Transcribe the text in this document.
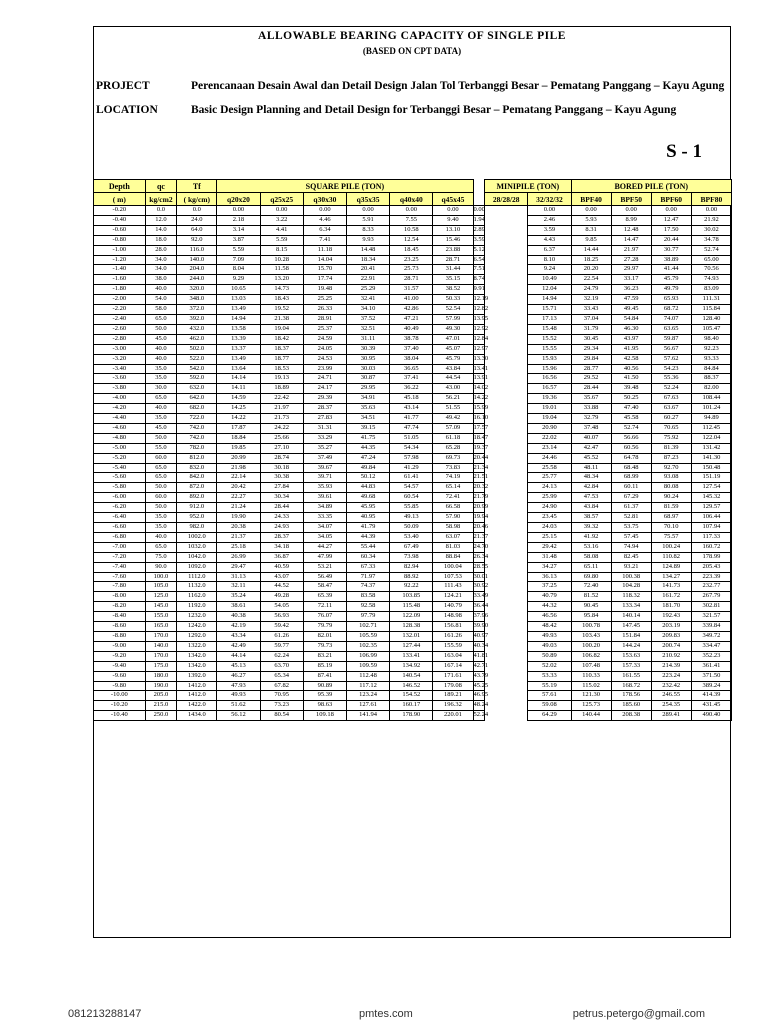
ALLOWABLE BEARING CAPACITY OF SINGLE PILE
(BASED ON CPT DATA)
PROJECT	Perencanaan Desain Awal dan Detail Design Jalan Tol Terbanggi Besar – Pematang Panggang – Kayu Agung
LOCATION	Basic Design Planning and Detail Design for Terbanggi Besar – Pematang Panggang – Kayu Agung
S - 1
Depth	qc	Tf	SQUARE PILE (TON)							MINIPILE (TON)		BORED PILE (TON)			
( m)	kg/cm2	( kg/cm)	q20x20	q25x25	q30x30	q35x35	q40x40	q45x45		28/28/28	32/32/32	BPF40	BPF50	BPF60	BPF80
-0.20	0.0	0.0	0.00	0.00	0.00	0.00	0.00	0.00	0.00		0.00	0.00	0.00	0.00	0.00
-0.40	12.0	24.0	2.18	3.22	4.46	5.91	7.55	9.40	1.94		2.46	5.93	8.99	12.47	21.92
-0.60	14.0	64.0	3.14	4.41	6.34	8.33	10.58	13.10	2.89		3.59	8.31	12.48	17.50	30.02
-0.80	18.0	92.0	3.87	5.59	7.41	9.93	12.54	15.46	3.59		4.43	9.85	14.47	20.44	34.78
-1.00	28.0	116.0	5.59	8.15	11.18	14.48	18.45	23.88	5.12		6.37	14.44	21.97	30.77	52.74
-1.20	34.0	140.0	7.09	10.28	14.04	18.34	23.25	28.71	6.54		8.10	18.25	27.28	38.89	65.00
-1.40	34.0	204.0	8.04	11.58	15.70	20.41	25.73	31.44	7.51		9.24	20.20	29.97	41.44	70.56
-1.60	38.0	244.0	9.29	13.20	17.74	22.91	28.71	35.15	8.74		10.49	22.54	33.17	45.79	74.93
-1.80	40.0	320.0	10.65	14.73	19.48	25.29	31.57	38.52	9.91		12.04	24.79	36.23	49.79	83.09
-2.00	54.0	348.0	13.03	18.43	25.25	32.41	41.00	50.33	12.19		14.94	32.19	47.59	65.93	111.31
-2.20	58.0	372.0	13.49	19.52	26.33	34.10	42.86	52.54	12.82		15.71	33.43	49.45	68.72	115.84
-2.40	65.0	392.0	14.94	21.38	28.91	37.52	47.21	57.99	13.95		17.13	37.04	54.84	74.07	128.40
-2.60	50.0	432.0	13.58	19.04	25.37	32.51	40.49	49.30	12.92		15.48	31.79	46.30	63.65	105.47
-2.80	45.0	462.0	13.39	18.42	24.59	31.11	38.78	47.01	12.84		15.52	30.45	43.97	59.87	98.40
-3.00	40.0	502.0	13.37	18.37	24.05	30.39	37.40	45.07	12.97		15.55	29.34	41.95	56.67	92.23
-3.20	40.0	522.0	13.49	18.77	24.53	30.95	38.04	45.79	13.30		15.93	29.84	42.58	57.62	93.33
-3.40	35.0	542.0	13.64	18.53	23.99	30.03	36.65	43.84	13.41		15.96	28.77	40.56	54.23	84.84
-3.60	35.0	592.0	14.14	19.13	24.71	30.87	37.41	44.54	13.91		16.56	29.52	41.50	55.36	88.37
-3.80	30.0	632.0	14.11	18.89	24.17	29.95	36.22	43.00	14.02		16.57	28.44	39.48	52.24	82.00
-4.00	65.0	642.0	14.59	22.42	29.39	34.91	45.18	56.21	14.22		19.36	35.67	50.25	67.63	108.44
-4.20	40.0	682.0	14.25	21.97	28.37	35.63	43.14	51.55	15.99		19.01	33.88	47.40	63.67	101.24
-4.40	35.0	722.0	14.22	21.73	27.83	34.51	41.77	49.42	16.10		19.04	32.79	45.58	60.27	94.89
-4.60	45.0	742.0	17.87	24.22	31.31	39.15	47.74	57.09	17.57		20.90	37.48	52.74	70.65	112.45
-4.80	50.0	742.0	18.84	25.66	33.29	41.75	51.05	61.18	18.47		22.02	40.07	56.66	75.92	122.04
-5.00	55.0	782.0	19.85	27.10	35.27	44.35	54.34	65.28	19.37		23.14	42.47	60.56	81.39	131.42
-5.20	60.0	812.0	20.99	28.74	37.49	47.24	57.98	69.73	20.44		24.46	45.52	64.78	87.23	141.30
-5.40	65.0	832.0	21.98	30.18	39.67	49.84	41.29	73.83	21.34		25.58	48.11	68.48	92.70	150.48
-5.60	65.0	842.0	22.14	30.38	39.71	50.12	61.41	74.19	21.51		25.77	48.34	68.99	93.08	151.19
-5.80	50.0	872.0	20.42	27.84	35.93	44.83	54.57	65.14	20.32		24.13	42.84	60.11	80.08	127.54
-6.00	60.0	892.0	22.27	30.34	39.61	49.68	60.54	72.41	21.79		25.99	47.53	67.29	90.24	145.32
-6.20	50.0	912.0	21.24	28.44	34.89	45.95	55.85	66.58	20.99		24.90	43.84	61.37	81.59	129.57
-6.40	35.0	952.0	19.90	24.33	33.35	40.95	49.13	57.90	19.94		23.45	38.57	52.81	68.97	106.44
-6.60	35.0	982.0	20.38	24.93	34.07	41.79	50.09	58.98	20.46		24.03	39.32	53.75	70.10	107.94
-6.80	40.0	1002.0	21.37	28.37	34.05	44.39	53.40	63.07	21.37		25.15	41.92	57.45	75.57	117.33
-7.00	65.0	1032.0	25.18	34.18	44.27	55.44	67.49	81.03	24.70		29.42	53.16	74.94	100.24	160.72
-7.20	75.0	1042.0	26.99	36.87	47.99	60.34	73.98	88.84	26.34		31.48	58.08	82.45	110.82	178.99
-7.40	90.0	1092.0	29.47	40.59	53.21	67.33	82.94	100.04	28.55		34.27	65.11	93.21	124.89	205.43
-7.60	100.0	1112.0	31.13	43.07	56.49	71.97	88.92	107.53	30.01		36.13	69.80	100.38	134.27	223.39
-7.80	105.0	1132.0	32.11	44.52	58.47	74.37	92.22	111.43	30.92		37.25	72.40	104.28	141.73	232.77
-8.00	125.0	1162.0	35.24	49.28	65.39	83.58	103.85	124.21	33.49		40.79	81.52	118.32	161.72	267.79
-8.20	145.0	1192.0	38.61	54.05	72.11	92.58	115.48	140.79	36.44		44.32	90.45	133.34	181.70	302.81
-8.40	155.0	1232.0	40.38	56.93	76.07	97.79	122.09	148.98	37.96		46.56	95.84	140.14	192.43	321.57
-8.60	165.0	1242.0	42.19	59.42	79.79	102.71	128.38	156.81	39.90		48.42	100.78	147.45	203.19	339.84
-8.80	170.0	1292.0	43.34	61.26	82.01	105.59	132.01	161.26	40.97		49.93	103.43	151.84	209.83	349.72
-9.00	140.0	1322.0	42.49	59.77	79.73	102.35	127.44	155.59	40.34		49.03	100.20	144.24	200.74	334.47
-9.20	170.0	1342.0	44.14	62.24	83.21	106.99	133.41	163.04	41.81		50.89	106.82	153.63	210.92	352.23
-9.40	175.0	1342.0	45.13	63.70	85.19	109.59	134.92	167.14	42.71		52.02	107.48	157.33	214.39	361.41
-9.60	180.0	1392.0	46.27	65.34	87.41	112.48	140.54	171.61	43.79		53.33	110.33	161.55	223.24	371.50
-9.80	190.0	1412.0	47.93	67.82	90.89	117.12	146.52	179.08	45.25		55.19	115.02	168.72	232.42	389.24
-10.00	205.0	1412.0	49.93	70.95	95.39	123.24	154.52	189.21	46.95		57.61	121.30	178.56	246.55	414.39
-10.20	215.0	1422.0	51.62	73.23	98.63	127.61	160.17	196.32	48.24		59.08	125.73	185.60	254.35	431.45
-10.40	250.0	1434.0	56.12	80.54	109.18	141.94	178.90	220.01	52.24		64.29	140.44	208.38	289.41	490.40
081213288147	pmtes.com	petrus.petergo@gmail.com
